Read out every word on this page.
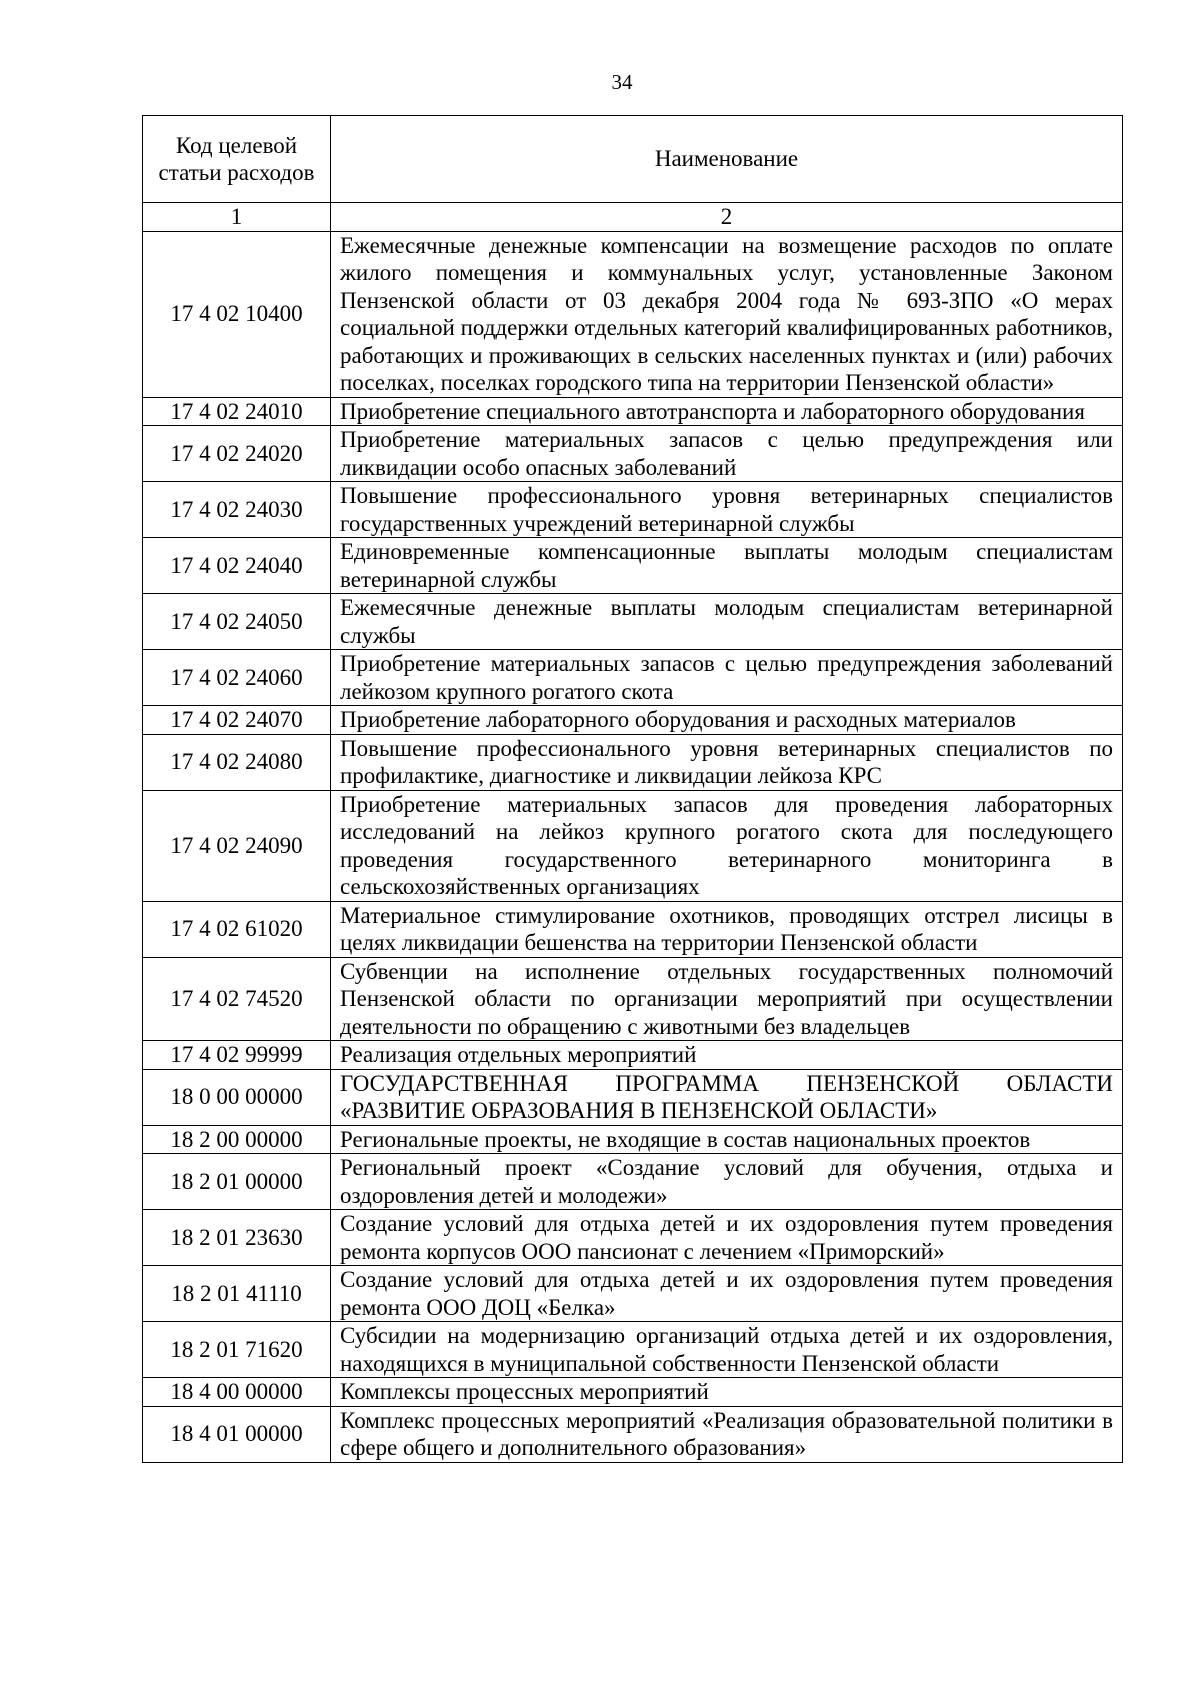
34
Код целевой статьи расходов	Наименование
1	2
17 4 02 10400	Ежемесячные денежные компенсации на возмещение расходов по оплате жилого помещения и коммунальных услуг, установленные Законом Пензенской области от 03 декабря 2004 года № 693-ЗПО «О мерах социальной поддержки отдельных категорий квалифицированных работников, работающих и проживающих в сельских населенных пунктах и (или) рабочих поселках, поселках городского типа на территории Пензенской области»
17 4 02 24010	Приобретение специального автотранспорта и лабораторного оборудования
17 4 02 24020	Приобретение материальных запасов с целью предупреждения или ликвидации особо опасных заболеваний
17 4 02 24030	Повышение профессионального уровня ветеринарных специалистов государственных учреждений ветеринарной службы
17 4 02 24040	Единовременные компенсационные выплаты молодым специалистам ветеринарной службы
17 4 02 24050	Ежемесячные денежные выплаты молодым специалистам ветеринарной службы
17 4 02 24060	Приобретение материальных запасов с целью предупреждения заболеваний лейкозом крупного рогатого скота
17 4 02 24070	Приобретение лабораторного оборудования и расходных материалов
17 4 02 24080	Повышение профессионального уровня ветеринарных специалистов по профилактике, диагностике и ликвидации лейкоза КРС
17 4 02 24090	Приобретение материальных запасов для проведения лабораторных исследований на лейкоз крупного рогатого скота для последующего проведения государственного ветеринарного мониторинга в сельскохозяйственных организациях
17 4 02 61020	Материальное стимулирование охотников, проводящих отстрел лисицы в целях ликвидации бешенства на территории Пензенской области
17 4 02 74520	Субвенции на исполнение отдельных государственных полномочий Пензенской области по организации мероприятий при осуществлении деятельности по обращению с животными без владельцев
17 4 02 99999	Реализация отдельных мероприятий
18 0 00 00000	ГОСУДАРСТВЕННАЯ ПРОГРАММА ПЕНЗЕНСКОЙ ОБЛАСТИ «РАЗВИТИЕ ОБРАЗОВАНИЯ В ПЕНЗЕНСКОЙ ОБЛАСТИ»
18 2 00 00000	Региональные проекты, не входящие в состав национальных проектов
18 2 01 00000	Региональный проект «Создание условий для обучения, отдыха и оздоровления детей и молодежи»
18 2 01 23630	Создание условий для отдыха детей и их оздоровления путем проведения ремонта корпусов ООО пансионат с лечением «Приморский»
18 2 01 41110	Создание условий для отдыха детей и их оздоровления путем проведения ремонта ООО ДОЦ «Белка»
18 2 01 71620	Субсидии на модернизацию организаций отдыха детей и их оздоровления, находящихся в муниципальной собственности Пензенской области
18 4 00 00000	Комплексы процессных мероприятий
18 4 01 00000	Комплекс процессных мероприятий «Реализация образовательной политики в сфере общего и дополнительного образования»
